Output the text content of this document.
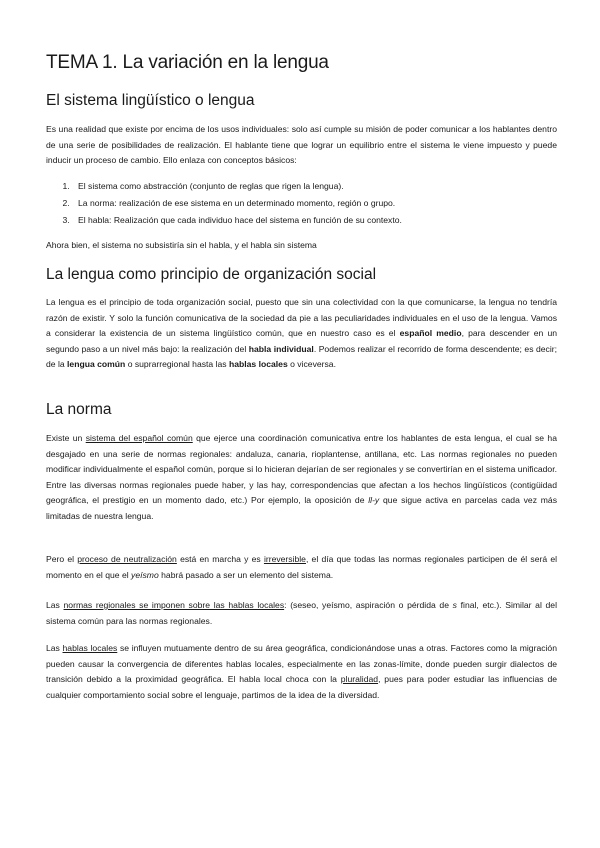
TEMA 1. La variación en la lengua
El sistema lingüístico o lengua

Es una realidad que existe por encima de los usos individuales: solo así cumple su misión de poder comunicar a los hablantes dentro de una serie de posibilidades de realización. El hablante tiene que lograr un equilibrio entre el sistema le viene impuesto y puede inducir un proceso de cambio. Ello enlaza con conceptos básicos:

1. El sistema como abstracción (conjunto de reglas que rigen la lengua).
2. La norma: realización de ese sistema en un determinado momento, región o grupo.
3. El habla: Realización que cada individuo hace del sistema en función de su contexto.

Ahora bien, el sistema no subsistiría sin el habla, y el habla sin sistema

La lengua como principio de organización social

La lengua es el principio de toda organización social, puesto que sin una colectividad con la que comunicarse, la lengua no tendría razón de existir. Y solo la función comunicativa de la sociedad da pie a las peculiaridades individuales en el uso de la lengua. Vamos a considerar la existencia de un sistema lingüístico común, que en nuestro caso es el español medio, para descender en un segundo paso a un nivel más bajo: la realización del habla individual. Podemos realizar el recorrido de forma descendente; es decir; de la lengua común o suprarregional hasta las hablas locales o viceversa.

La norma

Existe un sistema del español común que ejerce una coordinación comunicativa entre los hablantes de esta lengua, el cual se ha desgajado en una serie de normas regionales: andaluza, canaria, rioplantense, antillana, etc. Las normas regionales no pueden modificar individualmente el español común, porque si lo hicieran dejarían de ser regionales y se convertirían en el sistema unificador. Entre las diversas normas regionales puede haber, y las hay, correspondencias que afectan a los hechos lingüísticos (contigüidad geográfica, el prestigio en un momento dado, etc.) Por ejemplo, la oposición de ll-y que sigue activa en parcelas cada vez más limitadas de nuestra lengua.

Pero el proceso de neutralización está en marcha y es irreversible, el día que todas las normas regionales participen de él será el momento en el que el yeísmo habrá pasado a ser un elemento del sistema.

Las normas regionales se imponen sobre las hablas locales: (seseo, yeísmo, aspiración o pérdida de s final, etc.). Similar al del sistema común para las normas regionales.

Las hablas locales se influyen mutuamente dentro de su área geográfica, condicionándose unas a otras. Factores como la migración pueden causar la convergencia de diferentes hablas locales, especialmente en las zonas-límite, donde pueden surgir dialectos de transición debido a la proximidad geográfica. El habla local choca con la pluralidad, pues para poder estudiar las influencias de cualquier comportamiento social sobre el lenguaje, partimos de la idea de la diversidad.
